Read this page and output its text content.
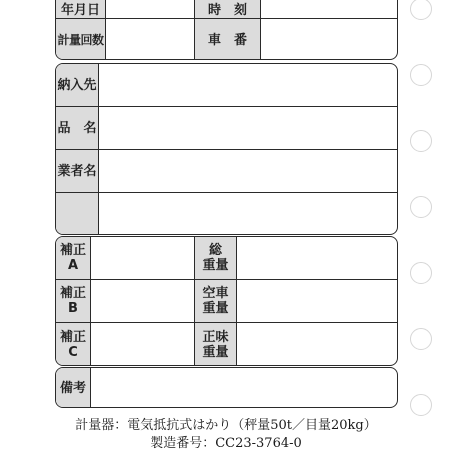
年月日	時　刻
計量回数	車　番
納入先
品　名
業者名
補正
A
補正
B
補正
C
総
重量
空車
重量
正味
重量
備考
計量器：電気抵抗式はかり（秤量50t／目量20kg）
製造番号：CC23-3764-0
